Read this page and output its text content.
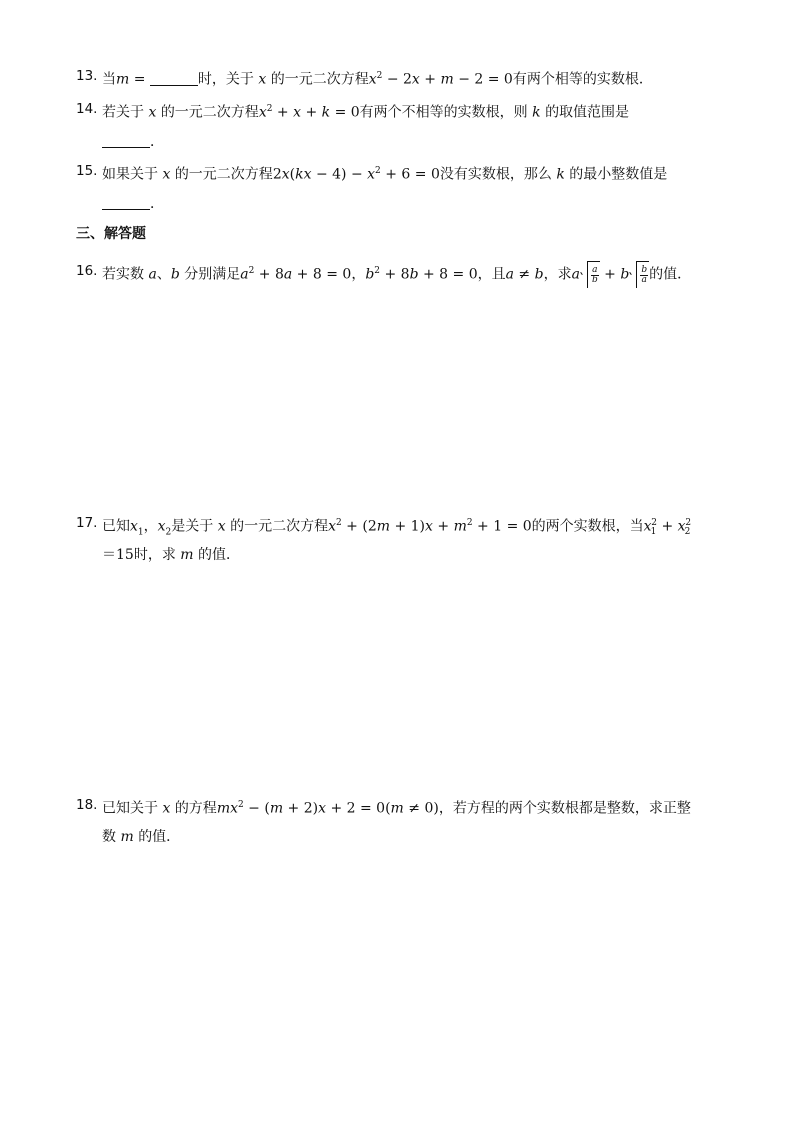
13. 当m =	时，关于 x 的一元二次方程$x^2 - 2x + m - 2 = 0$有两个相等的实数根．
14. 若关于 x 的一元二次方程$x^2 + x + k = 0$有两个不相等的实数根，则 k 的取值范围是
．
15. 如果关于 x 的一元二次方程$2x(kx - 4) - x^2 + 6 = 0$没有实数根，那么 k 的最小整数值是
．
三、解答题
16. 若实数 a、b 分别满足$a^2 + 8a + 8 = 0$，$b^2 + 8b + 8 = 0$，且a ≠ b，求a $\frac{a}{b} + b \frac{b}{a}$ 的值．
17. 已知$x_1$，$x_2$是关于 x 的一元二次方程$x^2 + (2m + 1)x + m^2 + 1 = 0$的两个实数根，当$x_1^2 + x_2^2$
＝15时，求 m 的值．
18. 已知关于 x 的方程$mx^2 - (m + 2)x + 2 = 0(m \ne 0)$，若方程的两个实数根都是整数，求正整
数 m 的值．
